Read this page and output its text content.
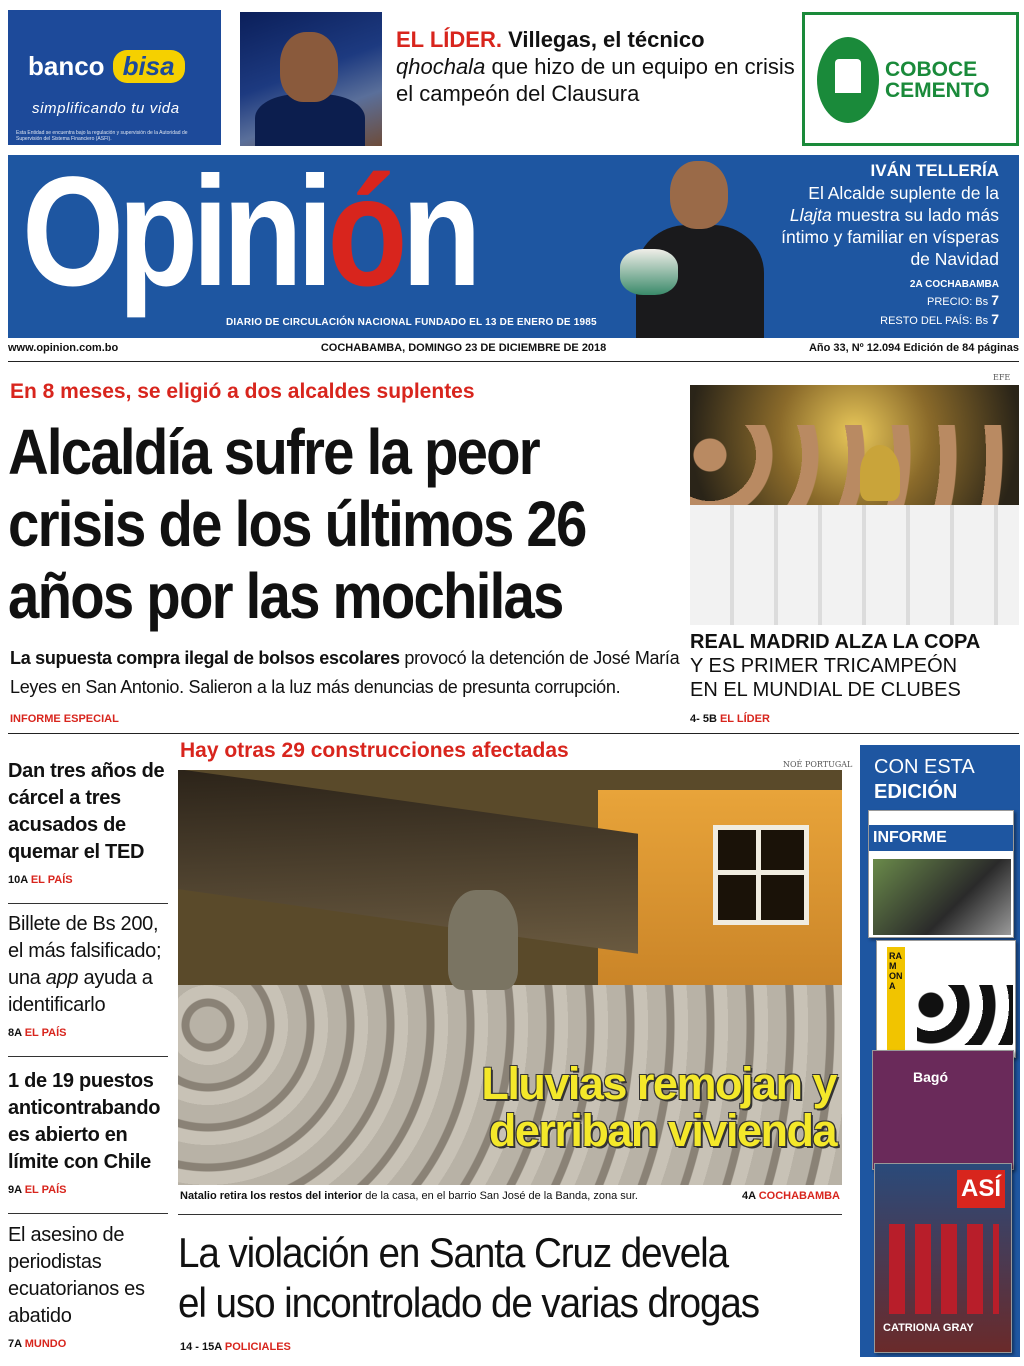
banco bisa
simplificando tu vida
Esta Entidad se encuentra bajo la regulación y supervisión de la Autoridad de Supervisión del Sistema Financiero (ASFI).
EL LÍDER. Villegas, el técnico qhochala que hizo de un equipo en crisis el campeón del Clausura
COBOCE
CEMENTO
Opinión
DIARIO DE CIRCULACIÓN NACIONAL FUNDADO EL 13 DE ENERO DE 1985
IVÁN TELLERÍA
El Alcalde suplente de la Llajta muestra su lado más íntimo y familiar en vísperas de Navidad
2A COCHABAMBA
PRECIO: Bs 7
RESTO DEL PAÍS: Bs 7
www.opinion.com.bo	COCHABAMBA, DOMINGO 23 DE DICIEMBRE DE 2018	Año 33, Nº 12.094 Edición de 84 páginas
En 8 meses, se eligió a dos alcaldes suplentes
Alcaldía sufre la peor
crisis de los últimos 26
años por las mochilas
La supuesta compra ilegal de bolsos escolares provocó la detención de José María Leyes en San Antonio. Salieron a la luz más denuncias de presunta corrupción.
INFORME ESPECIAL
EFE
REAL MADRID ALZA LA COPA
Y ES PRIMER TRICAMPEÓN
EN EL MUNDIAL DE CLUBES
4- 5B EL LÍDER
Dan tres años de cárcel a tres acusados de quemar el TED
10A EL PAÍS
Billete de Bs 200, el más falsificado; una app ayuda a identificarlo
8A EL PAÍS
1 de 19 puestos anticontrabando es abierto en límite con Chile
9A EL PAÍS
El asesino de periodistas ecuatorianos es abatido
7A MUNDO
Hay otras 29 construcciones afectadas
NOÉ PORTUGAL
Lluvias remojan y
derriban vivienda
Natalio retira los restos del interior de la casa, en el barrio San José de la Banda, zona sur.	4A COCHABAMBA
La violación en Santa Cruz devela
el uso incontrolado de varias drogas
14 - 15A POLICIALES
CON ESTA
EDICIÓN
INFORME
RAMONA
Bagó
ASÍ
CATRIONA GRAY
